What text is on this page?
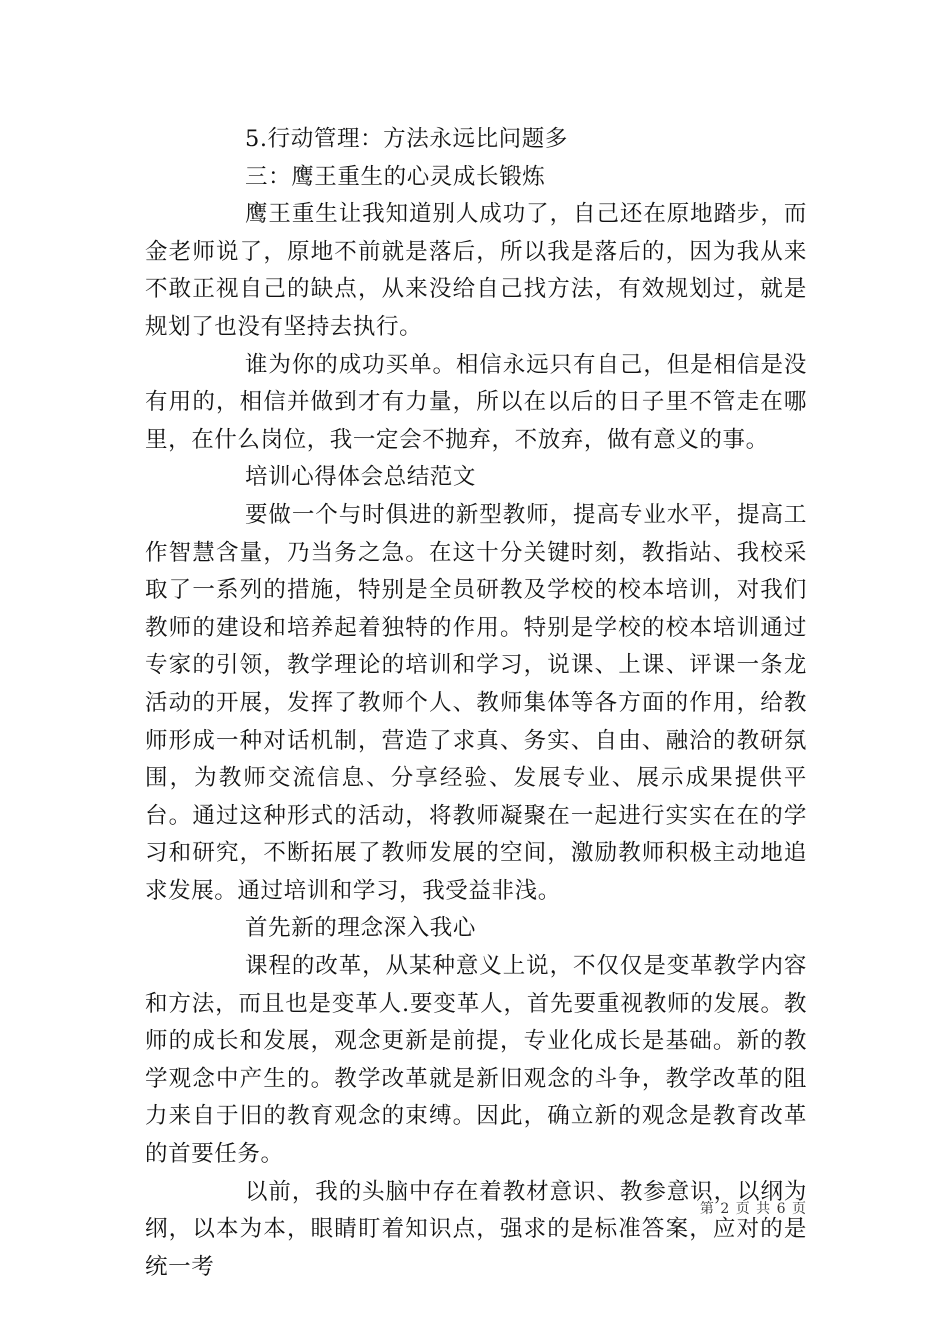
5.行动管理：方法永远比问题多

三：鹰王重生的心灵成长锻炼

鹰王重生让我知道别人成功了，自己还在原地踏步，而金老师说了，原地不前就是落后，所以我是落后的，因为我从来不敢正视自己的缺点，从来没给自己找方法，有效规划过，就是规划了也没有坚持去执行。

谁为你的成功买单。相信永远只有自己，但是相信是没有用的，相信并做到才有力量，所以在以后的日子里不管走在哪里，在什么岗位，我一定会不抛弃，不放弃，做有意义的事。

培训心得体会总结范文

要做一个与时俱进的新型教师，提高专业水平，提高工作智慧含量，乃当务之急。在这十分关键时刻，教指站、我校采取了一系列的措施，特别是全员研教及学校的校本培训，对我们教师的建设和培养起着独特的作用。特别是学校的校本培训通过专家的引领，教学理论的培训和学习，说课、上课、评课一条龙活动的开展，发挥了教师个人、教师集体等各方面的作用，给教师形成一种对话机制，营造了求真、务实、自由、融洽的教研氛围，为教师交流信息、分享经验、发展专业、展示成果提供平台。通过这种形式的活动，将教师凝聚在一起进行实实在在的学习和研究，不断拓展了教师发展的空间，激励教师积极主动地追求发展。通过培训和学习，我受益非浅。

首先新的理念深入我心

课程的改革，从某种意义上说，不仅仅是变革教学内容和方法，而且也是变革人.要变革人，首先要重视教师的发展。教师的成长和发展，观念更新是前提，专业化成长是基础。新的教学观念中产生的。教学改革就是新旧观念的斗争，教学改革的阻力来自于旧的教育观念的束缚。因此，确立新的观念是教育改革的首要任务。

以前，我的头脑中存在着教材意识、教参意识，以纲为纲，以本为本，眼睛盯着知识点，强求的是标准答案，应对的是统一考

第 2 页 共 6 页
